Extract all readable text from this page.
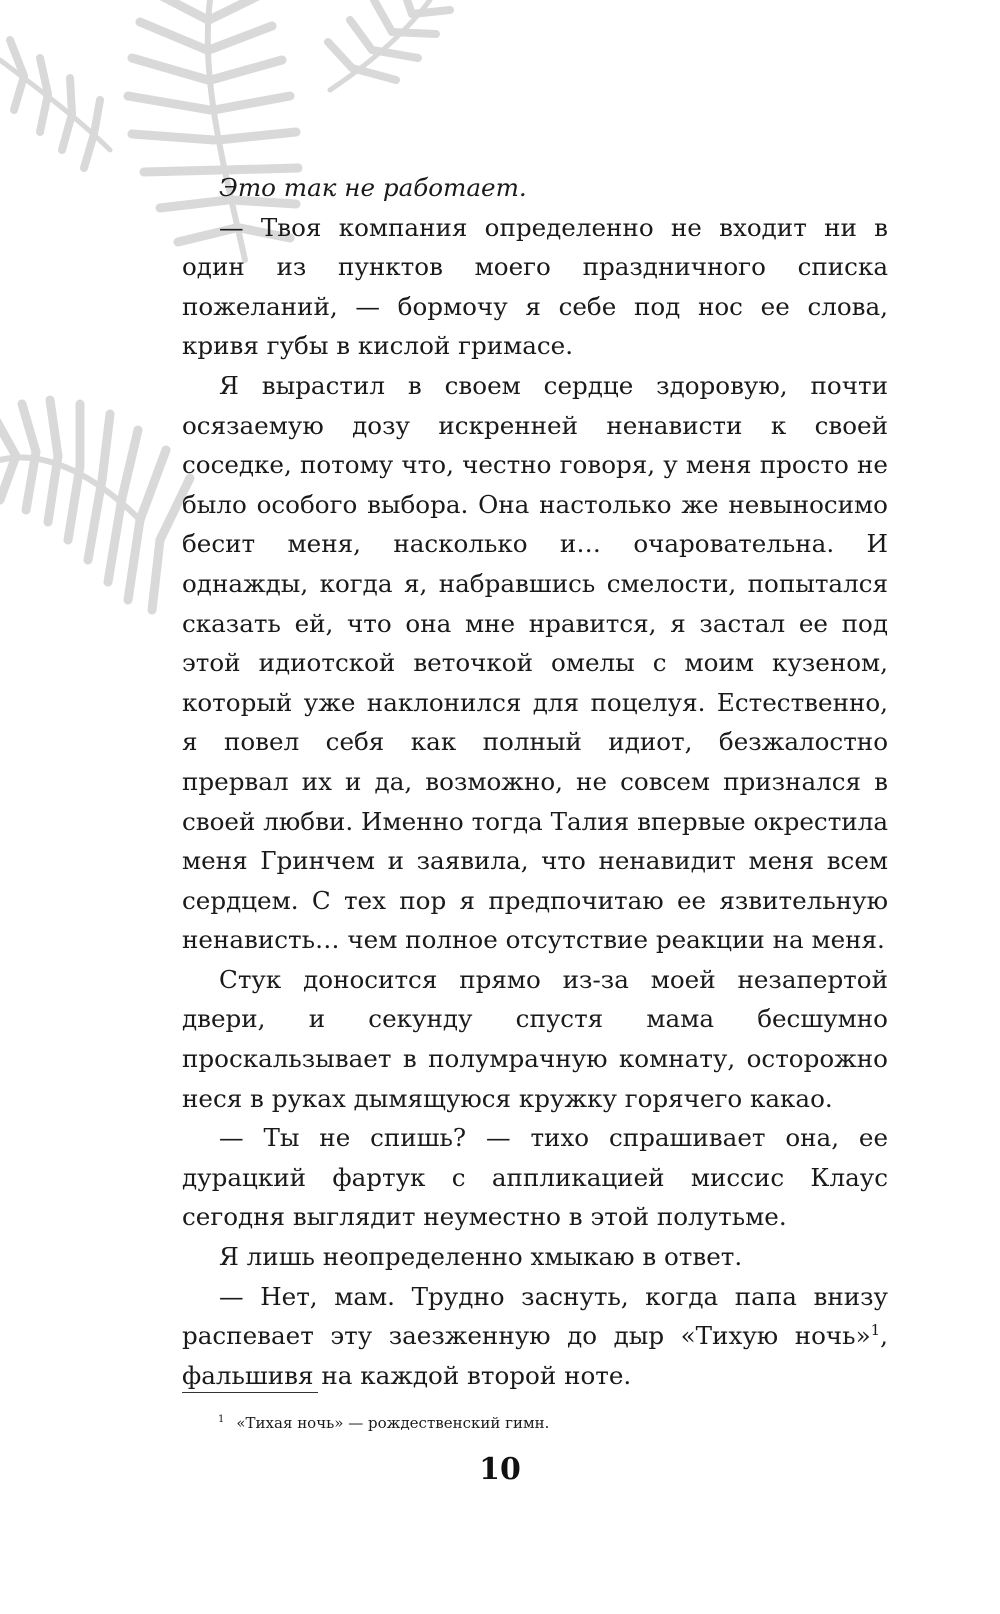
Это так не работает.

— Твоя компания определенно не входит ни в один из пунктов моего праздничного списка пожеланий, — бормочу я себе под нос ее слова, кривя губы в кислой гримасе.

Я вырастил в своем сердце здоровую, почти осязаемую дозу искренней ненависти к своей соседке, потому что, честно говоря, у меня просто не было особого выбора. Она настолько же невыносимо бесит меня, насколько и… очаровательна. И однажды, когда я, набравшись смелости, попытался сказать ей, что она мне нравится, я застал ее под этой идиотской веточкой омелы с моим кузеном, который уже наклонился для поцелуя. Естественно, я повел себя как полный идиот, безжалостно прервал их и да, возможно, не совсем признался в своей любви. Именно тогда Талия впервые окрестила меня Гринчем и заявила, что ненавидит меня всем сердцем. С тех пор я предпочитаю ее язвительную ненависть… чем полное отсутствие реакции на меня.

Стук доносится прямо из-за моей незапертой двери, и секунду спустя мама бесшумно проскальзывает в полумрачную комнату, осторожно неся в руках дымящуюся кружку горячего какао.

— Ты не спишь? — тихо спрашивает она, ее дурацкий фартук с аппликацией миссис Клаус сегодня выглядит неуместно в этой полутьме.

Я лишь неопределенно хмыкаю в ответ.

— Нет, мам. Трудно заснуть, когда папа внизу распевает эту заезженную до дыр «Тихую ночь»$^1$, фальшивя на каждой второй ноте.

$^1$ «Тихая ночь» — рождественский гимн.
10
